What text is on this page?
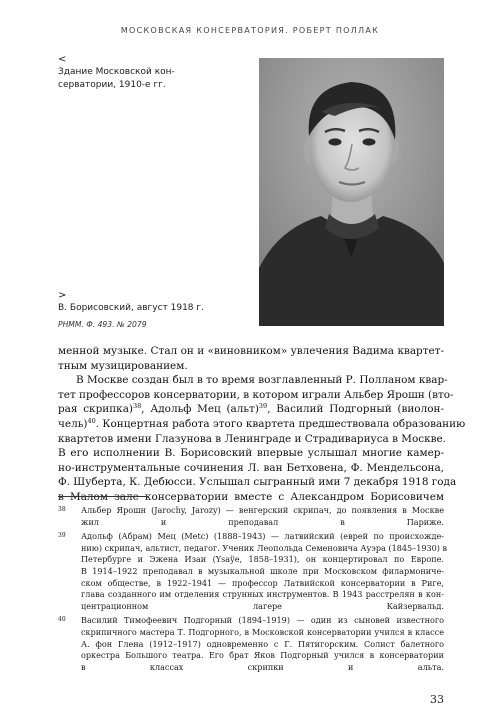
МОСКОВСКАЯ КОНСЕРВАТОРИЯ. РОБЕРТ ПОЛЛАК
<
Здание Московской кон-
серватории, 1910-е гг.
>
В. Борисовский, август 1918 г.
РНММ. Ф. 493. № 2079
менной музыке. Стал он и «виновником» увлечения Вадима квартет-
тным музицированием.
В Москве создан был в то время возглавленный Р. Полланом квар-
тет профессоров консерватории, в котором играли Альбер Ярошн (вто-
рая скрипка)$^{38}$, Адольф Мец (альт)$^{39}$, Василий Подгорный (виолон-
чель)$^{40}$. Концертная работа этого квартета предшествовала образованию
квартетов имени Глазунова в Ленинграде и Страдивариуса в Москве.
В его исполнении В. Борисовский впервые услышал многие камер-
но-инструментальные сочинения Л. ван Бетховена, Ф. Мендельсона,
Ф. Шуберта, К. Дебюсси. Услышал сыгранный ими 7 декабря 1918 года
в Малом зале консерватории вместе с Александром Борисовичем
38 Альбер Ярошн (Jarochy, Jarozy) — венгерский скрипач, до появления в Москве
жил и преподавал в Париже.
39 Адольф (Абрам) Мец (Metc) (1888–1943) — латвийский (еврей по происхожде-
нию) скрипач, альтист, педагог. Ученик Леопольда Семеновича Ауэра (1845–1930) в
Петербурге и Эжена Изаи (Ysaÿe, 1858–1931), он концертировал по Европе.
В 1914–1922 преподавал в музыкальной школе при Московском филармониче-
ском обществе, в 1922–1941 — профессор Латвийской консерватории в Риге,
глава созданного им отделения струнных инструментов. В 1943 расстрелян в кон-
центрационном лагере Кайзервальд.
40 Василий Тимофеевич Подгорный (1894–1919) — один из сыновей известного
скрипичного мастера Т. Подгорного, в Московской консерватории учился в классе
А. фон Глена (1912–1917) одновременно с Г. Пятигорским. Солист балетного
оркестра Большого театра. Его брат Яков Подгорный учился в консерватории
в классах скрипки и альта.
33
